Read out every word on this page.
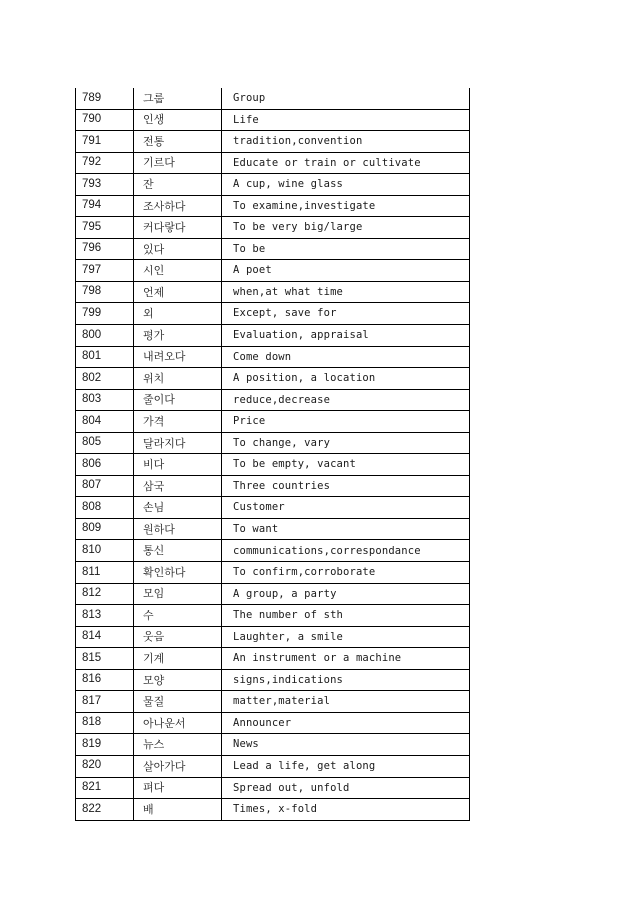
789	그룹	Group
790	인생	Life
791	전통	tradition,convention
792	기르다	Educate or train or cultivate
793	잔	A cup, wine glass
794	조사하다	To examine,investigate
795	커다랗다	To be very big/large
796	있다	To be
797	시인	A poet
798	언제	when,at what time
799	외	Except, save for
800	평가	Evaluation, appraisal
801	내려오다	Come down
802	위치	A position, a location
803	줄이다	reduce,decrease
804	가격	Price
805	달라지다	To change, vary
806	비다	To be empty, vacant
807	삼국	Three countries
808	손님	Customer
809	원하다	To want
810	통신	communications,correspondance
811	확인하다	To confirm,corroborate
812	모임	A group, a party
813	수	The number of sth
814	웃음	Laughter, a smile
815	기계	An instrument or a machine
816	모양	signs,indications
817	물질	matter,material
818	아나운서	Announcer
819	뉴스	News
820	살아가다	Lead a life, get along
821	펴다	Spread out, unfold
822	배	Times, x-fold
